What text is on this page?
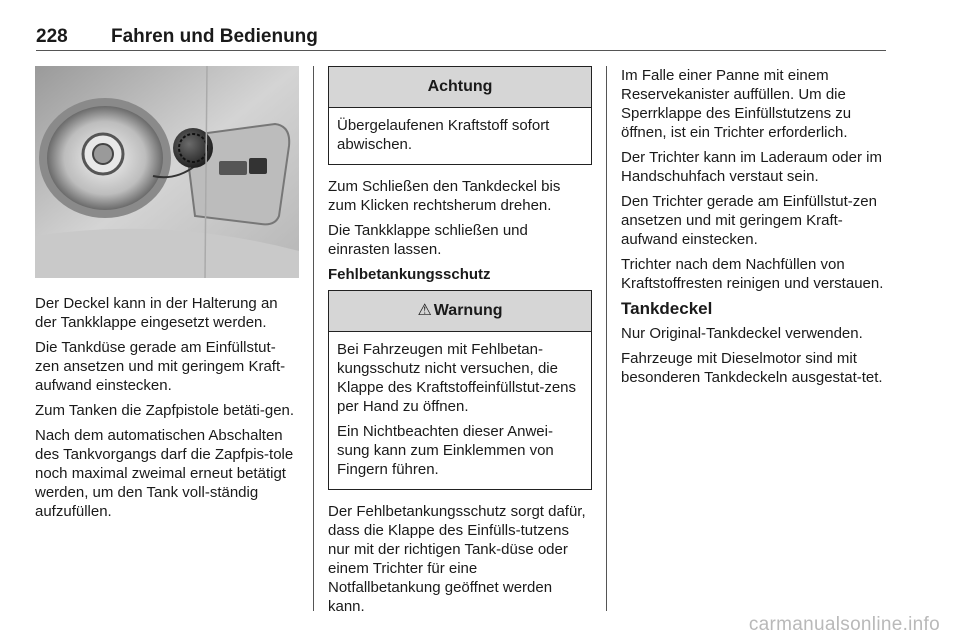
228 Fahren und Bedienung

Der Deckel kann in der Halterung an der Tankklappe eingesetzt werden.

Die Tankdüse gerade am Einfüllstut-zen ansetzen und mit geringem Kraft-aufwand einstecken.

Zum Tanken die Zapfpistole betäti-gen.

Nach dem automatischen Abschalten des Tankvorgangs darf die Zapfpis-tole noch maximal zweimal erneut betätigt werden, um den Tank voll-ständig aufzufüllen.

Achtung

Übergelaufenen Kraftstoff sofort abwischen.

Zum Schließen den Tankdeckel bis zum Klicken rechtsherum drehen.

Die Tankklappe schließen und einrasten lassen.

Fehlbetankungsschutz

⚠ Warnung

Bei Fahrzeugen mit Fehlbetan-kungsschutz nicht versuchen, die Klappe des Kraftstoffeinfüllstut-zens per Hand zu öffnen.

Ein Nichtbeachten dieser Anwei-sung kann zum Einklemmen von Fingern führen.

Der Fehlbetankungsschutz sorgt dafür, dass die Klappe des Einfülls-tutzens nur mit der richtigen Tank-düse oder einem Trichter für eine Notfallbetankung geöffnet werden kann.

Im Falle einer Panne mit einem Reservekanister auffüllen. Um die Sperrklappe des Einfüllstutzens zu öffnen, ist ein Trichter erforderlich.

Der Trichter kann im Laderaum oder im Handschuhfach verstaut sein.

Den Trichter gerade am Einfüllstut-zen ansetzen und mit geringem Kraft-aufwand einstecken.

Trichter nach dem Nachfüllen von Kraftstoffresten reinigen und verstauen.

Tankdeckel

Nur Original-Tankdeckel verwenden.

Fahrzeuge mit Dieselmotor sind mit besonderen Tankdeckeln ausgestat-tet.

carmanualsonline.info
